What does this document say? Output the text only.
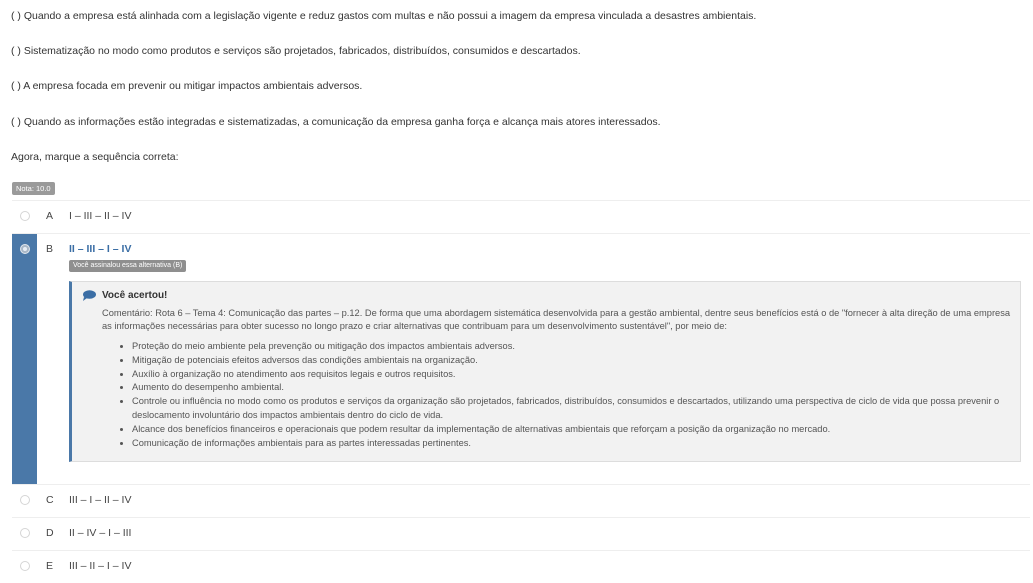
( ) Quando a empresa está alinhada com a legislação vigente e reduz gastos com multas e não possui a imagem da empresa vinculada a desastres ambientais.
( ) Sistematização no modo como produtos e serviços são projetados, fabricados, distribuídos, consumidos e descartados.
( ) A empresa focada em prevenir ou mitigar impactos ambientais adversos.
( ) Quando as informações estão integradas e sistematizadas, a comunicação da empresa ganha força e alcança mais atores interessados.
Agora, marque a sequência correta:
Nota: 10.0
A I – III – II – IV
B II – III – I – IV
Você assinalou essa alternativa (B)
Você acertou!
Comentário: Rota 6 – Tema 4: Comunicação das partes – p.12. De forma que uma abordagem sistemática desenvolvida para a gestão ambiental, dentre seus benefícios está o de "fornecer à alta direção de uma empresa as informações necessárias para obter sucesso no longo prazo e criar alternativas que contribuam para um desenvolvimento sustentável", por meio de:
• Proteção do meio ambiente pela prevenção ou mitigação dos impactos ambientais adversos.
• Mitigação de potenciais efeitos adversos das condições ambientais na organização.
• Auxílio à organização no atendimento aos requisitos legais e outros requisitos.
• Aumento do desempenho ambiental.
• Controle ou influência no modo como os produtos e serviços da organização são projetados, fabricados, distribuídos, consumidos e descartados, utilizando uma perspectiva de ciclo de vida que possa prevenir o deslocamento involuntário dos impactos ambientais dentro do ciclo de vida.
• Alcance dos benefícios financeiros e operacionais que podem resultar da implementação de alternativas ambientais que reforçam a posição da organização no mercado.
• Comunicação de informações ambientais para as partes interessadas pertinentes.
C III – I – II – IV
D II – IV – I – III
E III – II – I – IV
